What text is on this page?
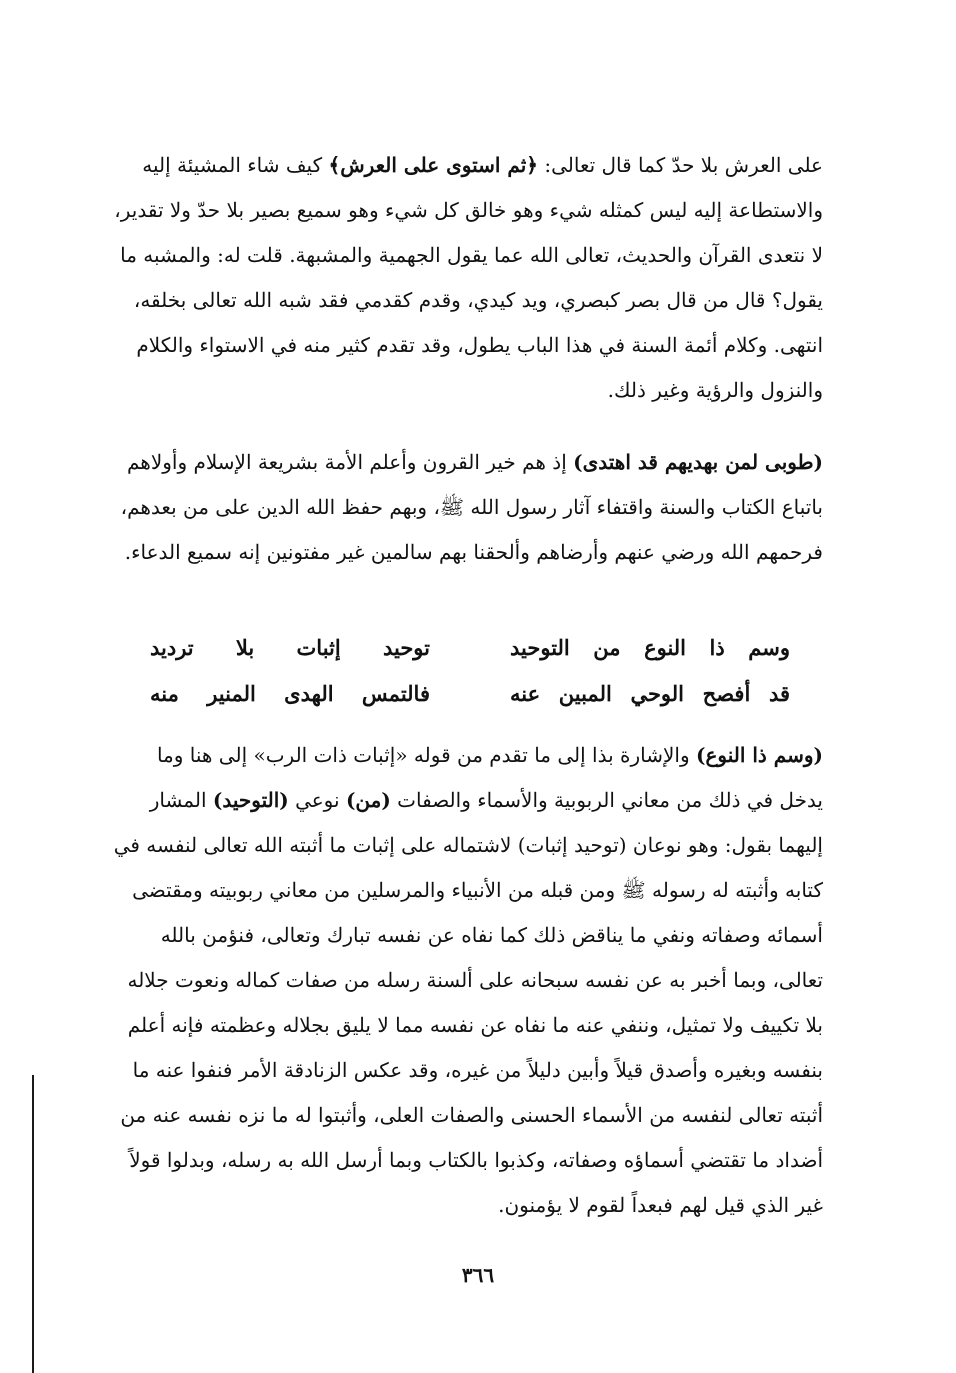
على العرش بلا حدّ كما قال تعالى: ﴿ثم استوى على العرش﴾ كيف شاء المشيئة إليه والاستطاعة إليه ليس كمثله شيء وهو خالق كل شيء وهو سميع بصير بلا حدّ ولا تقدير، لا نتعدى القرآن والحديث، تعالى الله عما يقول الجهمية والمشبهة. قلت له: والمشبه ما يقول؟ قال من قال بصر كبصري، ويد كيدي، وقدم كقدمي فقد شبه الله تعالى بخلقه، انتهى. وكلام أئمة السنة في هذا الباب يطول، وقد تقدم كثير منه في الاستواء والكلام والنزول والرؤية وغير ذلك.

(طوبى لمن بهديهم قد اهتدى) إذ هم خير القرون وأعلم الأمة بشريعة الإسلام وأولاهم باتباع الكتاب والسنة واقتفاء آثار رسول الله ﷺ، وبهم حفظ الله الدين على من بعدهم، فرحمهم الله ورضي عنهم وأرضاهم وألحقنا بهم سالمين غير مفتونين إنه سميع الدعاء.

وسم ذا النوع من التوحيد
توحيد إثبات بلا ترديد
قد أفصح الوحي المبين عنه
فالتمس الهدى المنير منه

(وسم ذا النوع) والإشارة بذا إلى ما تقدم من قوله «إثبات ذات الرب» إلى هنا وما يدخل في ذلك من معاني الربوبية والأسماء والصفات (من) نوعي (التوحيد) المشار إليهما بقول: وهو نوعان (توحيد إثبات) لاشتماله على إثبات ما أثبته الله تعالى لنفسه في كتابه وأثبته له رسوله ﷺ ومن قبله من الأنبياء والمرسلين من معاني ربوبيته ومقتضى أسمائه وصفاته ونفي ما يناقض ذلك كما نفاه عن نفسه تبارك وتعالى، فنؤمن بالله تعالى، وبما أخبر به عن نفسه سبحانه على ألسنة رسله من صفات كماله ونعوت جلاله بلا تكييف ولا تمثيل، وننفي عنه ما نفاه عن نفسه مما لا يليق بجلاله وعظمته فإنه أعلم بنفسه وبغيره وأصدق قيلاً وأبين دليلاً من غيره، وقد عكس الزنادقة الأمر فنفوا عنه ما أثبته تعالى لنفسه من الأسماء الحسنى والصفات العلى، وأثبتوا له ما نزه نفسه عنه من أضداد ما تقتضي أسماؤه وصفاته، وكذبوا بالكتاب وبما أرسل الله به رسله، وبدلوا قولاً غير الذي قيل لهم فبعداً لقوم لا يؤمنون.

٣٦٦
